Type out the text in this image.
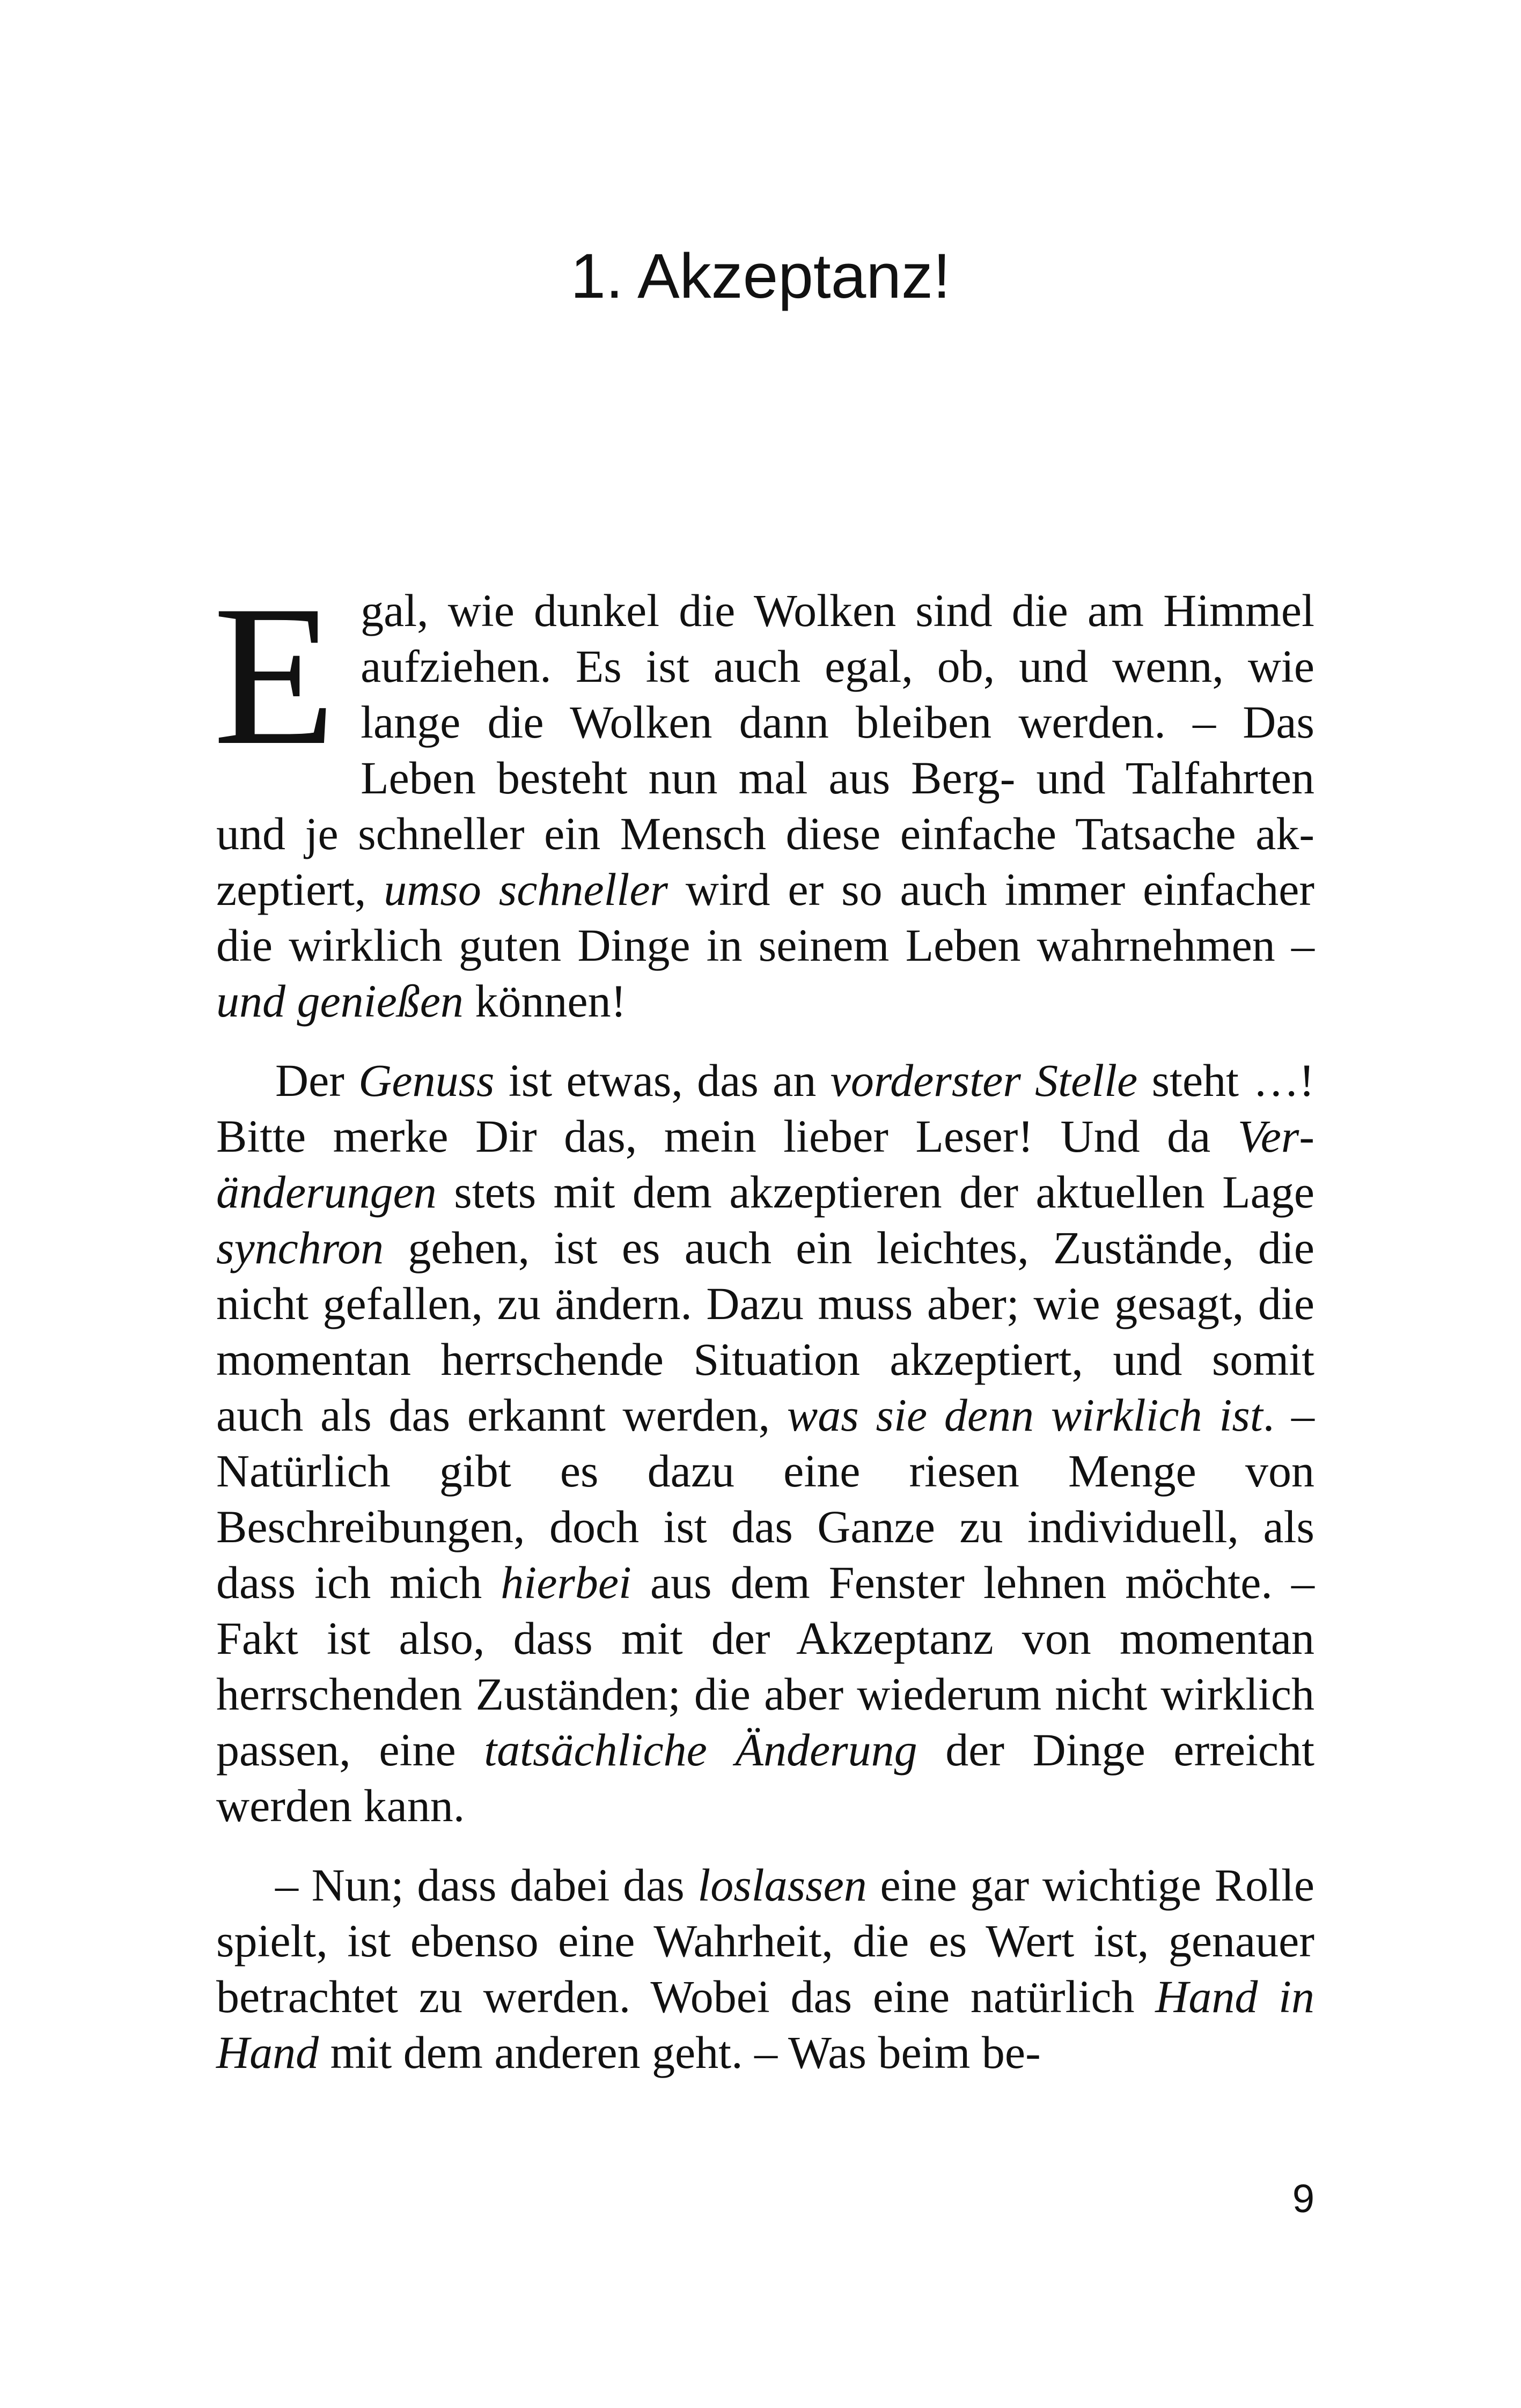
1. Akzeptanz!

Egal, wie dunkel die Wolken sind die am Himmel aufziehen. Es ist auch egal, ob, und wenn, wie lange die Wolken dann bleiben werden. – Das Leben besteht nun mal aus Berg- und Talfahrten und je schneller ein Mensch diese einfache Tatsache akzeptiert, umso schneller wird er so auch immer einfacher die wirklich guten Dinge in seinem Leben wahrnehmen – und genießen können!

Der Genuss ist etwas, das an vorderster Stelle steht …! Bitte merke Dir das, mein lieber Leser! Und da Veränderungen stets mit dem akzeptieren der aktuellen Lage synchron gehen, ist es auch ein leichtes, Zustände, die nicht gefallen, zu ändern. Dazu muss aber; wie gesagt, die momentan herrschende Situation akzeptiert, und somit auch als das erkannt werden, was sie denn wirklich ist. – Natürlich gibt es dazu eine riesen Menge von Beschreibungen, doch ist das Ganze zu individuell, als dass ich mich hierbei aus dem Fenster lehnen möchte. – Fakt ist also, dass mit der Akzeptanz von momentan herrschenden Zuständen; die aber wiederum nicht wirklich passen, eine tatsächliche Änderung der Dinge erreicht werden kann.

– Nun; dass dabei das loslassen eine gar wichtige Rolle spielt, ist ebenso eine Wahrheit, die es Wert ist, genauer betrachtet zu werden. Wobei das eine natürlich Hand in Hand mit dem anderen geht. – Was beim be-

9
